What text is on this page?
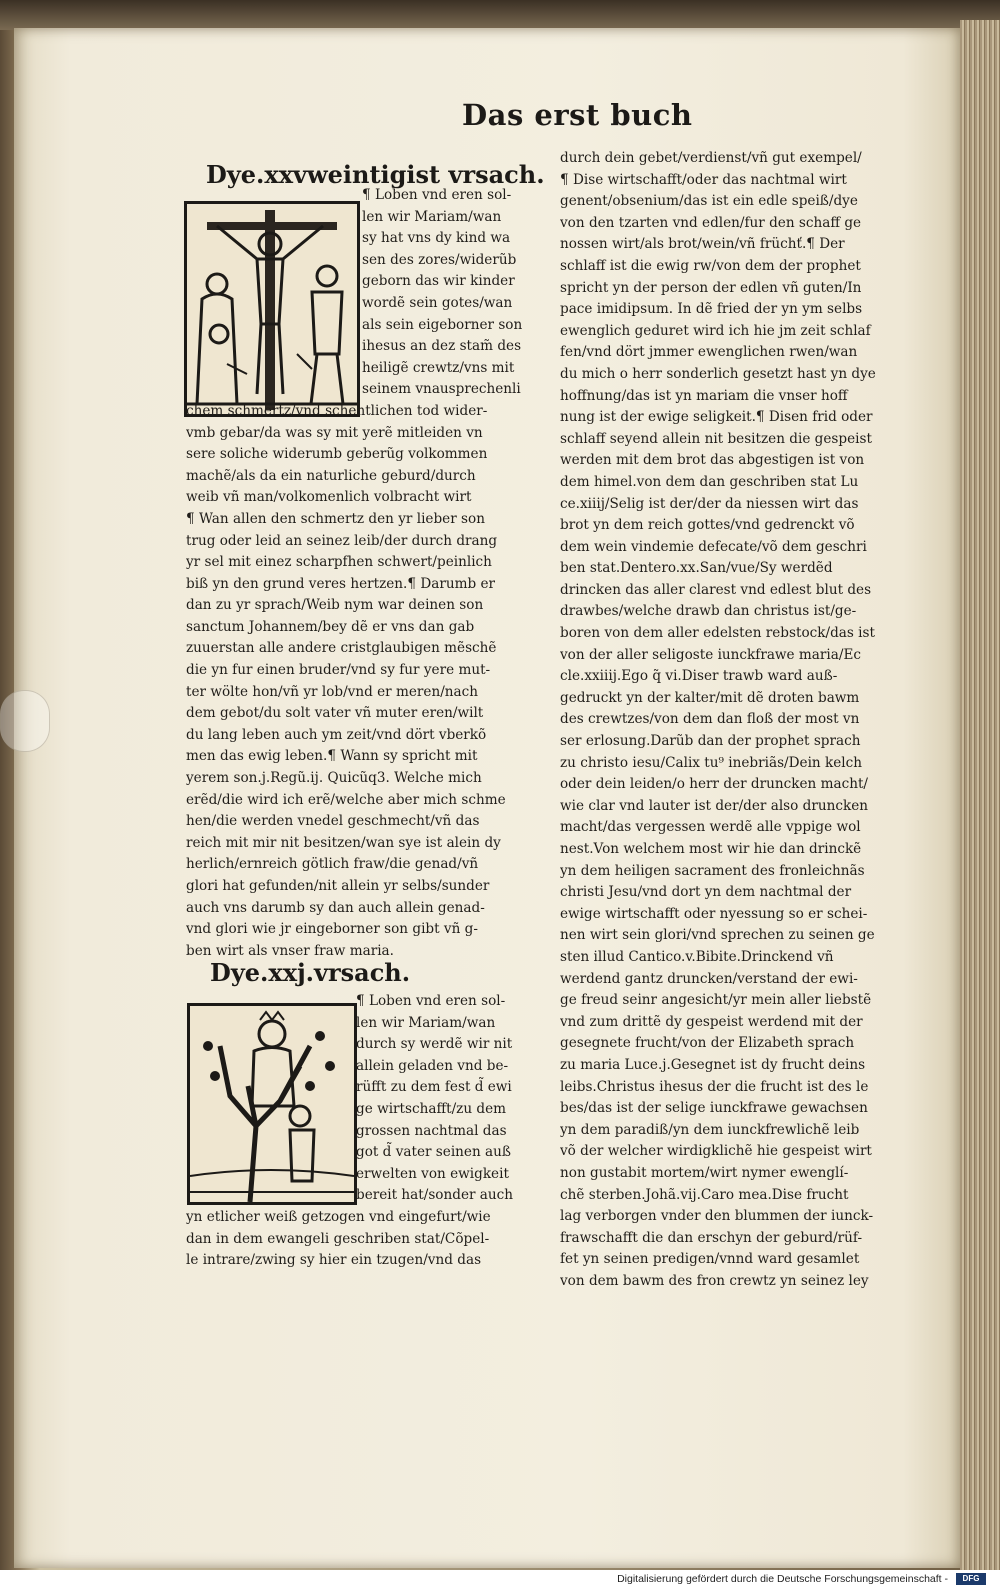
Das erst buch
Dye.xxvweintigist vrsach.
Dye.xxj.vrsach.
¶ Loben vnd eren sol-
len wir Mariam/wan
sy hat vns dy kind wa
sen des zores/widerũb
geborn das wir kinder
wordẽ sein gotes/wan
als sein eigeborner son
ihesus an dez stam̃ des
heiligẽ crewtz/vns mit
seinem vnausprechenli
chem schmertz/vnd schentlichen tod wider-
vmb gebar/da was sy mit yerẽ mitleiden vn
sere soliche widerumb geberũg volkommen
machẽ/als da ein naturliche geburd/durch
weib vñ man/volkomenlich volbracht wirt
¶ Wan allen den schmertz den yr lieber son
trug oder leid an seinez leib/der durch drang
yr sel mit einez scharpfhen schwert/peinlich
biß yn den grund veres hertzen.¶ Darumb er
dan zu yr sprach/Weib nym war deinen son
sanctum Johannem/bey dẽ er vns dan gab
zuuerstan alle andere cristglaubigen mẽschẽ
die yn fur einen bruder/vnd sy fur yere mut-
ter wölte hon/vñ yr lob/vnd er meren/nach
dem gebot/du solt vater vñ muter eren/wilt
du lang leben auch ym zeit/vnd dört vberkõ
men das ewig leben.¶ Wann sy spricht mit
yerem son.j.Regũ.ij. Quicũq3. Welche mich
erẽd/die wird ich erẽ/welche aber mich schme
hen/die werden vnedel geschmecht/vñ das
reich mit mir nit besitzen/wan sye ist alein dy
herlich/ernreich götlich fraw/die genad/vñ
glori hat gefunden/nit allein yr selbs/sunder
auch vns darumb sy dan auch allein genad-
vnd glori wie jr eingeborner son gibt vñ g-
ben wirt als vnser fraw maria.
¶ Loben vnd eren sol-
len wir Mariam/wan
durch sy werdẽ wir nit
allein geladen vnd be-
rüfft zu dem fest d̃ ewi
ge wirtschafft/zu dem
grossen nachtmal das
got d̃ vater seinen auß
erwelten von ewigkeit
bereit hat/sonder auch
yn etlicher weiß getzogen vnd eingefurt/wie
dan in dem ewangeli geschriben stat/Cõpel-
le intrare/zwing sy hier ein tzugen/vnd das
durch dein gebet/verdienst/vñ gut exempel/
¶ Dise wirtschafft/oder das nachtmal wirt
genent/obsenium/das ist ein edle speiß/dye
von den tzarten vnd edlen/fur den schaff ge
nossen wirt/als brot/wein/vñ früchť.¶ Der
schlaff ist die ewig rw/von dem der prophet
spricht yn der person der edlen vñ guten/In
pace imidipsum. In dẽ fried der yn ym selbs
ewenglich geduret wird ich hie jm zeit schlaf
fen/vnd dört jmmer ewenglichen rwen/wan
du mich o herr sonderlich gesetzt hast yn dye
hoffnung/das ist yn mariam die vnser hoff
nung ist der ewige seligkeit.¶ Disen frid oder
schlaff seyend allein nit besitzen die gespeist
werden mit dem brot das abgestigen ist von
dem himel.von dem dan geschriben stat Lu
ce.xiiij/Selig ist der/der da niessen wirt das
brot yn dem reich gottes/vnd gedrenckt võ
dem wein vindemie defecate/võ dem geschri
ben stat.Dentero.xx.San/vue/Sy werdẽd
drincken das aller clarest vnd edlest blut des
drawbes/welche drawb dan christus ist/ge-
boren von dem aller edelsten rebstock/das ist
von der aller seligoste iunckfrawe maria/Ec
cle.xxiiij.Ego q̃ vi.Diser trawb ward auß-
gedruckt yn der kalter/mit dẽ droten bawm
des crewtzes/von dem dan floß der most vn
ser erlosung.Darũb dan der prophet sprach
zu christo iesu/Calix tu⁹ inebriãs/Dein kelch
oder dein leiden/o herr der druncken macht/
wie clar vnd lauter ist der/der also druncken
macht/das vergessen werdẽ alle vppige wol
nest.Von welchem most wir hie dan drinckẽ
yn dem heiligen sacrament des fronleichnãs
christi Jesu/vnd dort yn dem nachtmal der
ewige wirtschafft oder nyessung so er schei-
nen wirt sein glori/vnd sprechen zu seinen ge
sten illud Cantico.v.Bibite.Drinckend vñ
werdend gantz druncken/verstand der ewi-
ge freud seinr angesicht/yr mein aller liebstẽ
vnd zum drittẽ dy gespeist werdend mit der
gesegnete frucht/von der Elizabeth sprach
zu maria Luce.j.Gesegnet ist dy frucht deins
leibs.Christus ihesus der die frucht ist des le
bes/das ist der selige iunckfrawe gewachsen
yn dem paradiß/yn dem iunckfrewlichẽ leib
võ der welcher wirdigklichẽ hie gespeist wirt
non gustabit mortem/wirt nymer ewenglí-
chẽ sterben.Johã.vij.Caro mea.Dise frucht
lag verborgen vnder den blummen der iunck-
frawschafft die dan erschyn der geburd/rüf-
fet yn seinen predigen/vnnd ward gesamlet
von dem bawm des fron crewtz yn seinez ley
Digitalisierung gefördert durch die Deutsche Forschungsgemeinschaft -	DFG
